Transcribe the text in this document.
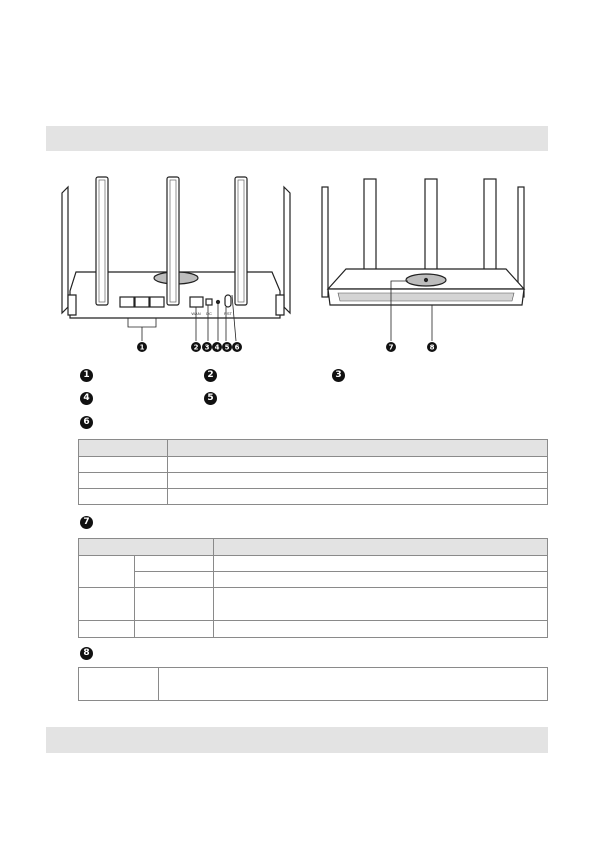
WAN DC	RST
1	2 3 4 5 6	7	8
1	2	3
4	5
6

7

8
